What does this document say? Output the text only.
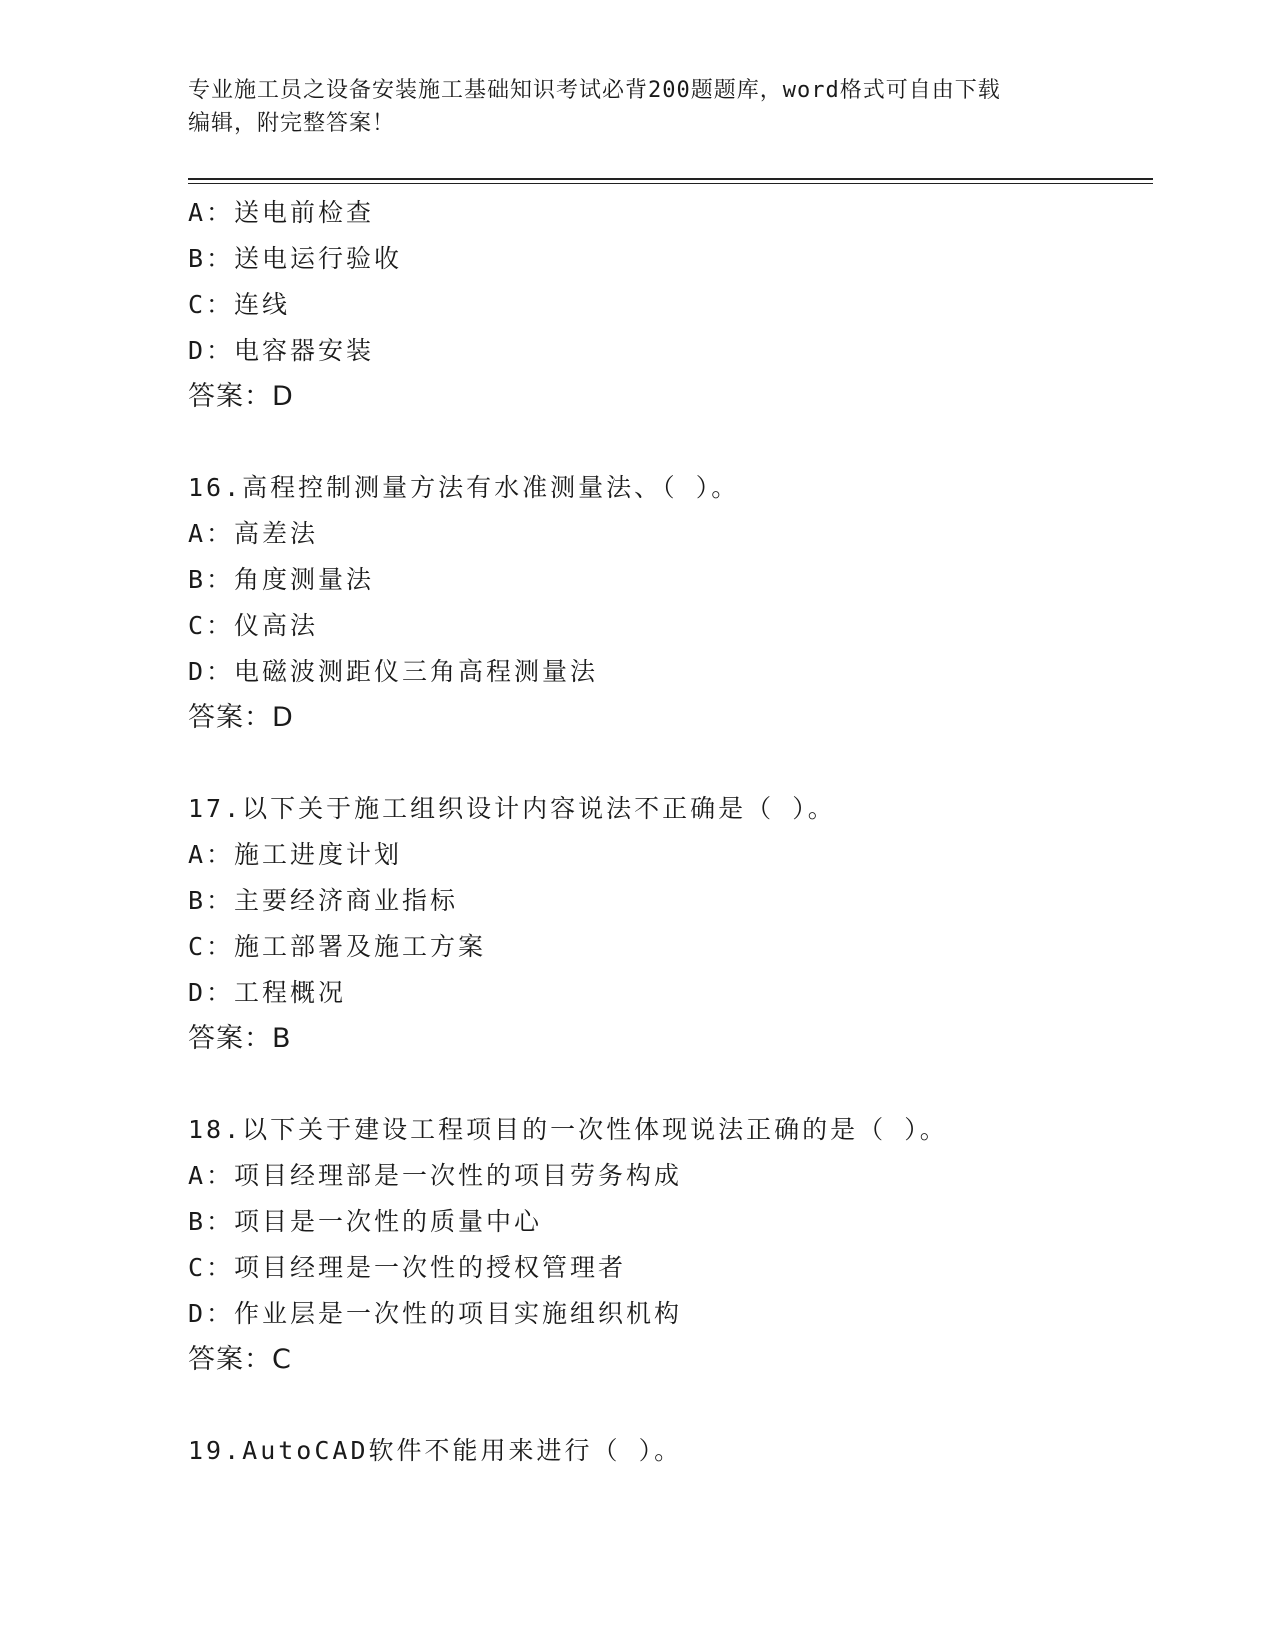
专业施工员之设备安装施工基础知识考试必背200题题库，word格式可自由下载
编辑，附完整答案！
A：送电前检查
B：送电运行验收
C：连线
D：电容器安装
答案：D
16.高程控制测量方法有水准测量法、（ ）。
A：高差法
B：角度测量法
C：仪高法
D：电磁波测距仪三角高程测量法
答案：D
17.以下关于施工组织设计内容说法不正确是（ ）。
A：施工进度计划
B：主要经济商业指标
C：施工部署及施工方案
D：工程概况
答案：B
18.以下关于建设工程项目的一次性体现说法正确的是（ ）。
A：项目经理部是一次性的项目劳务构成
B：项目是一次性的质量中心
C：项目经理是一次性的授权管理者
D：作业层是一次性的项目实施组织机构
答案：C
19.AutoCAD软件不能用来进行（ ）。
